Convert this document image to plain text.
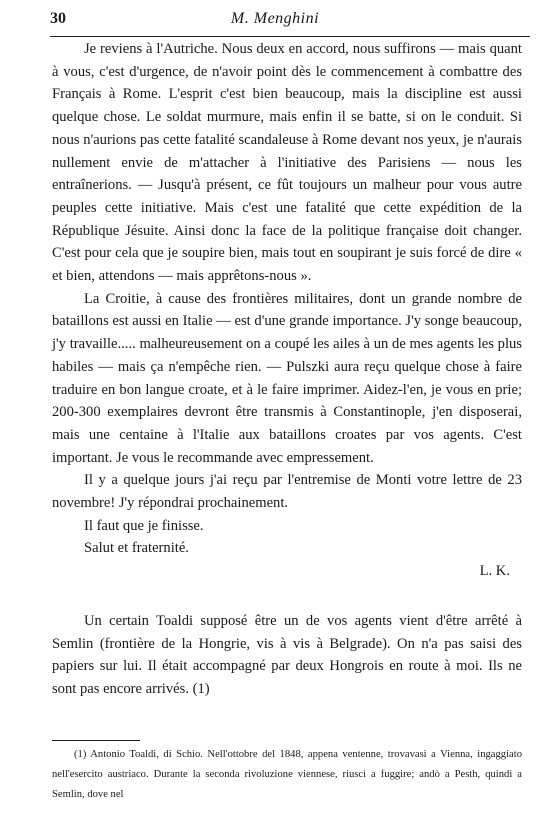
30	M. Menghini

Je reviens à l'Autriche. Nous deux en accord, nous suffirons — mais quant à vous, c'est d'urgence, de n'avoir point dès le commencement à combattre des Français à Rome. L'esprit c'est bien beaucoup, mais la discipline est aussi quelque chose. Le soldat murmure, mais enfin il se batte, si on le conduit. Si nous n'aurions pas cette fatalité scandaleuse à Rome devant nos yeux, je n'aurais nullement envie de m'attacher à l'initiative des Parisiens — nous les entraînerions. — Jusqu'à présent, ce fût toujours un malheur pour vous autre peuples cette initiative. Mais c'est une fatalité que cette expédition de la République Jésuite. Ainsi donc la face de la politique française doit changer. C'est pour cela que je soupire bien, mais tout en soupirant je suis forcé de dire « et bien, attendons — mais apprêtons-nous ».

La Croitie, à cause des frontières militaires, dont un grande nombre de bataillons est aussi en Italie — est d'une grande importance. J'y songe beaucoup, j'y travaille..... malheureusement on a coupé les ailes à un de mes agents les plus habiles — mais ça n'empêche rien. — Pulszki aura reçu quelque chose à faire traduire en bon langue croate, et à le faire imprimer. Aidez-l'en, je vous en prie; 200-300 exemplaires devront être transmis à Constantinople, j'en disposerai, mais une centaine à l'Italie aux bataillons croates par vos agents. C'est important. Je vous le recommande avec empressement.

Il y a quelque jours j'ai reçu par l'entremise de Monti votre lettre de 23 novembre! J'y répondrai prochainement.

Il faut que je finisse.

Salut et fraternité.

L. K.

Un certain Toaldi supposé être un de vos agents vient d'être arrêté à Semlin (frontière de la Hongrie, vis à vis à Belgrade). On n'a pas saisi des papiers sur lui. Il était accompagné par deux Hongrois en route à moi. Ils ne sont pas encore arrivés. (1)

(1) Antonio Toaldi, di Schio. Nell'ottobre del 1848, appena ventenne, trovavasi a Vienna, ingaggiato nell'esercito austriaco. Durante la seconda rivoluzione viennese, riuscì a fuggire; andò a Pesth, quindi a Semlin, dove nel
